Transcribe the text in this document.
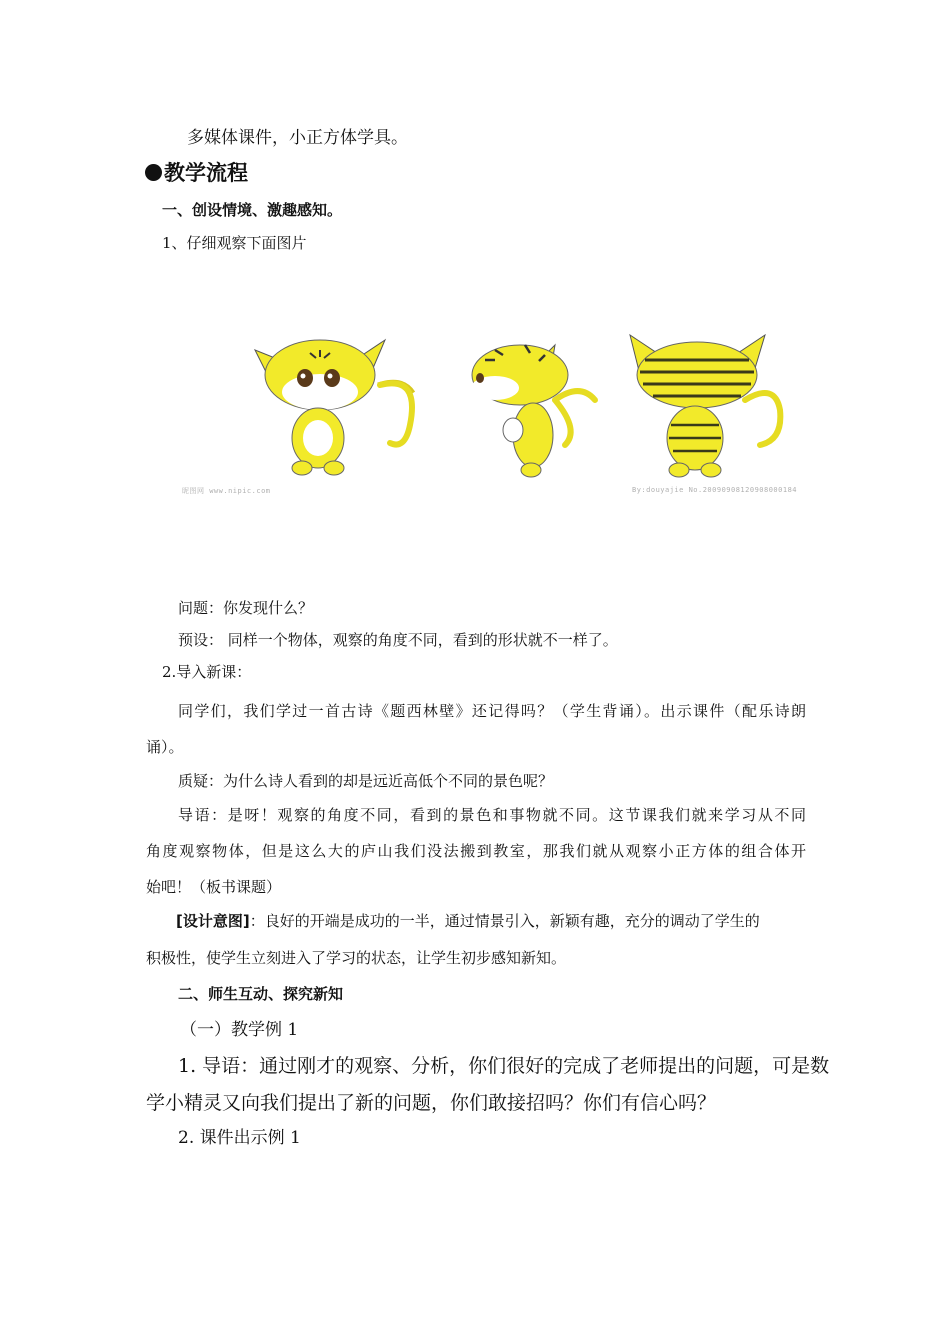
多媒体课件，小正方体学具。
教学流程
一、创设情境、激趣感知。
1、仔细观察下面图片
昵图网 www.nipic.com	By:douyajie No.20090908120908000184
问题：你发现什么？
预设： 同样一个物体，观察的角度不同，看到的形状就不一样了。
2.导入新课：
同学们，我们学过一首古诗《题西林壁》还记得吗？（学生背诵）。出示课件（配乐诗朗
诵）。
质疑：为什么诗人看到的却是远近高低个不同的景色呢？
导语：是呀！观察的角度不同，看到的景色和事物就不同。这节课我们就来学习从不同
角度观察物体，但是这么大的庐山我们没法搬到教室，那我们就从观察小正方体的组合体开
始吧！（板书课题）
[设计意图]：良好的开端是成功的一半，通过情景引入，新颖有趣，充分的调动了学生的
积极性，使学生立刻进入了学习的状态，让学生初步感知新知。
二、师生互动、探究新知
（一）教学例 1
1. 导语：通过刚才的观察、分析，你们很好的完成了老师提出的问题，可是数
学小精灵又向我们提出了新的问题，你们敢接招吗？你们有信心吗？
2. 课件出示例 1
